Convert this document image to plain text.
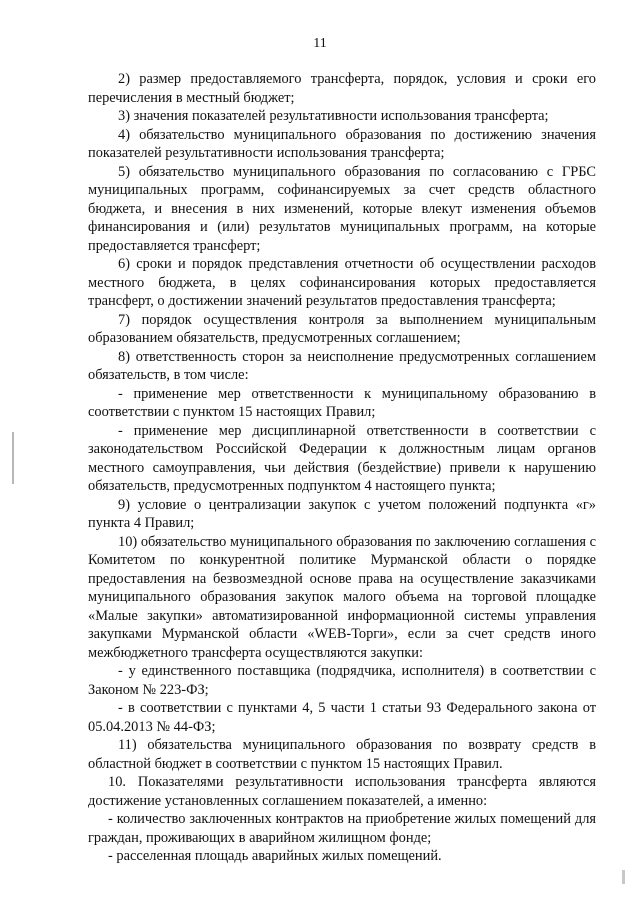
11

2) размер предоставляемого трансферта, порядок, условия и сроки его перечисления в местный бюджет;

3) значения показателей результативности использования трансферта;

4) обязательство муниципального образования по достижению значения показателей результативности использования трансферта;

5) обязательство муниципального образования по согласованию с ГРБС муниципальных программ, софинансируемых за счет средств областного бюджета, и внесения в них изменений, которые влекут изменения объемов финансирования и (или) результатов муниципальных программ, на которые предоставляется трансферт;

6) сроки и порядок представления отчетности об осуществлении расходов местного бюджета, в целях софинансирования которых предоставляется трансферт, о достижении значений результатов предоставления трансферта;

7) порядок осуществления контроля за выполнением муниципальным образованием обязательств, предусмотренных соглашением;

8) ответственность сторон за неисполнение предусмотренных соглашением обязательств, в том числе:

- применение мер ответственности к муниципальному образованию в соответствии с пунктом 15 настоящих Правил;

- применение мер дисциплинарной ответственности в соответствии с законодательством Российской Федерации к должностным лицам органов местного самоуправления, чьи действия (бездействие) привели к нарушению обязательств, предусмотренных подпунктом 4 настоящего пункта;

9) условие о централизации закупок с учетом положений подпункта «г» пункта 4 Правил;

10) обязательство муниципального образования по заключению соглашения с Комитетом по конкурентной политике Мурманской области о порядке предоставления на безвозмездной основе права на осуществление заказчиками муниципального образования закупок малого объема на торговой площадке «Малые закупки» автоматизированной информационной системы управления закупками Мурманской области «WEB-Торги», если за счет средств иного межбюджетного трансферта осуществляются закупки:

- у единственного поставщика (подрядчика, исполнителя) в соответствии с Законом № 223-ФЗ;

- в соответствии с пунктами 4, 5 части 1 статьи 93 Федерального закона от 05.04.2013 № 44-ФЗ;

11) обязательства муниципального образования по возврату средств в областной бюджет в соответствии с пунктом 15 настоящих Правил.

10. Показателями результативности использования трансферта являются достижение установленных соглашением показателей, а именно:

- количество заключенных контрактов на приобретение жилых помещений для граждан, проживающих в аварийном жилищном фонде;

- расселенная площадь аварийных жилых помещений.
